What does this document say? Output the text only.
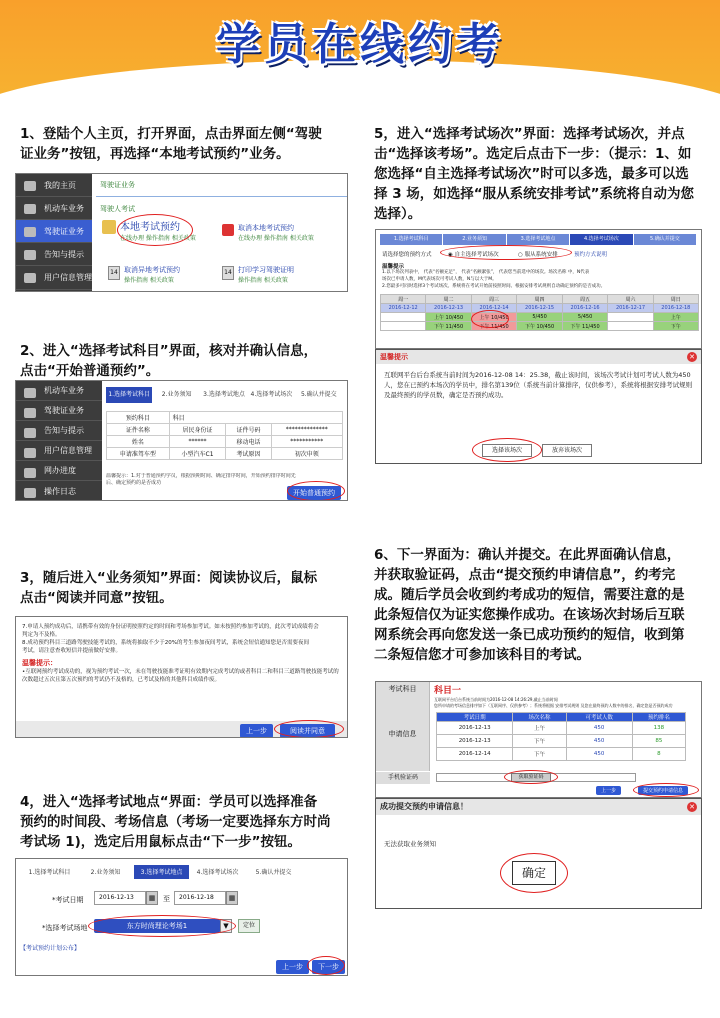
学员在线约考
1、登陆个人主页，打开界面，点击界面左侧“驾驶
证业务”按钮，再选择“本地考试预约”业务。
我的主页
机动车业务
驾驶证业务
告知与提示
用户信息管理
驾驶证业务
驾驶人考试
本地考试预约
在线办理 操作指南 相关政策
取消本地考试预约
在线办理 操作指南 相关政策
14 取消异地考试预约
操作指南 相关政策
14 打印学习驾驶证明
操作指南 相关政策
2、进入“选择考试科目”界面，核对并确认信息，
点击“开始普通预约”。
机动车业务
驾驶证业务
告知与提示
用户信息管理
网办进度
操作日志
1.选择考试科目	2.业务须知	3.选择考试地点 4.选择考试场次	5.确认并提交
预约科目	科目		
证件名称	居民身份证	证件号码	**************
姓名	******	移动电话	***********
申请准驾车型	小型汽车C1	考试原因	初次申领
温馨提示：1.对于普通预约学员，根据预期时间、确定排序时间，开始预约排序时间先后、确定预约的是否成功
开始普通预约
3，随后进入“业务须知”界面：阅读协议后，鼠标
点击“阅读并同意”按钮。
7.申请人预约成功后，请携带有效的身份证明按照约定的时间和考场参加考试。如未按照约参加考试的，此次考试成绩将会
判定为不及格。
8.成功预约科目三道路驾驶技能考试的，系统将抽取不少于20%的考生参加夜间考试，系统会短信通知您是否需要夜间
考试，请注意查收短信并提前做好安排。
温馨提示：
•互联网预约考试成功的，视为预约考试一次，未在驾驶技能准考证明有效期内完成考试的或者科目二和科目三道路驾驶技能考试的次数超过五次且第五次预约的考试仍不及格的，已考试及格的其他科目成绩作废。
上一步	阅读并同意
4，进入“选择考试地点“界面：学员可以选择准备
预约的时间段、考场信息（考场一定要选择东方时尚
考试场 1)，选定后用鼠标点击“下一步”按钮。
1.选择考试科目	2.业务须知	3.选择考试地点	4.选择考试场次	5.确认并提交
*考试日期	2016-12-13	▦	至	2016-12-18	▦
*选择考试场地	东方时尚理论考场1	▼	定位
【考试预约计划公布】
上一步	下一步
5，进入“选择考试场次”界面：选择考试场次，并点
击“选择该考场”。选定后点击下一步：（提示：1、如
您选择“自主选择考试场次”时可以多选，最多可以选
择 3 场，如选择“服从系统安排考试”系统将自动为您
选择）。
1.选择考试科目	2.业务须知	3.选择考试地点	4.选择考试场次	5.确认并提交
请选择您的预约方式	◉ 自主选择考试场次	○ 服从系统安排	预约方式说明
温馨提示
1.以下场次列表中， 代表“名额充足”， 代表“名额紧张”， 代表您当前选中的场次。场次名称 中，N代表
场次已申请人数，M代表场次可考试人数，N与以大于M。
2.您最多可同时选择3个考试场次。系统将在考试开始前按照时间、根据安排考试规则自动确定预约的是否成功。
周一	周二	周三	周四	周五	周六	周日
2016-12-12	2016-12-13	2016-12-14	2016-12-15	2016-12-16	2016-12-17	2016-12-18
	上午 10/450	上午 10/450	5/450	5/450		上午
	下午 11/450	下午 11/450	下午 10/450	下午 11/450		下午
温馨提示	✕
互联网平台后台系统当前时间为2016-12-08 14：25.38，截止该时间，该场次考试计划可考试人数为450人，您在已预约本场次的学员中，排名第139位（系统当前计算排序，仅供参考），系统将根据安排考试规则及最终预约的学员数，确定是否预约成功。
选择该场次	放弃该场次
6、下一界面为：确认并提交。在此界面确认信息，
并获取验证码，点击“提交预约申请信息”，约考完
成。随后学员会收到约考成功的短信，需要注意的是
此条短信仅为证实您操作成功。在该场次封场后互联
网系统会再向您发送一条已成功预约的短信，收到第
二条短信您才可参加该科目的考试。
考试科目	科目一
申请信息
互联网平台后台系统当前时间为2016-12-08 14:26:29,截止当前时间
您所申请的考场信息排序如下（互联网序、仅供参考）；系统将根据 安排考试规则 及您在最终预约人数中的排名，确定您是否预约成功
考试日期	场次名称	可考试人数	预约排名
2016-12-13	上午	450	138
2016-12-13	下午	450	85
2016-12-14	下午	450	8
手机验证码	获取验证码
上一步	提交预约申请信息
成功提交预约申请信息！	✕
无法获取业务须知
确定
